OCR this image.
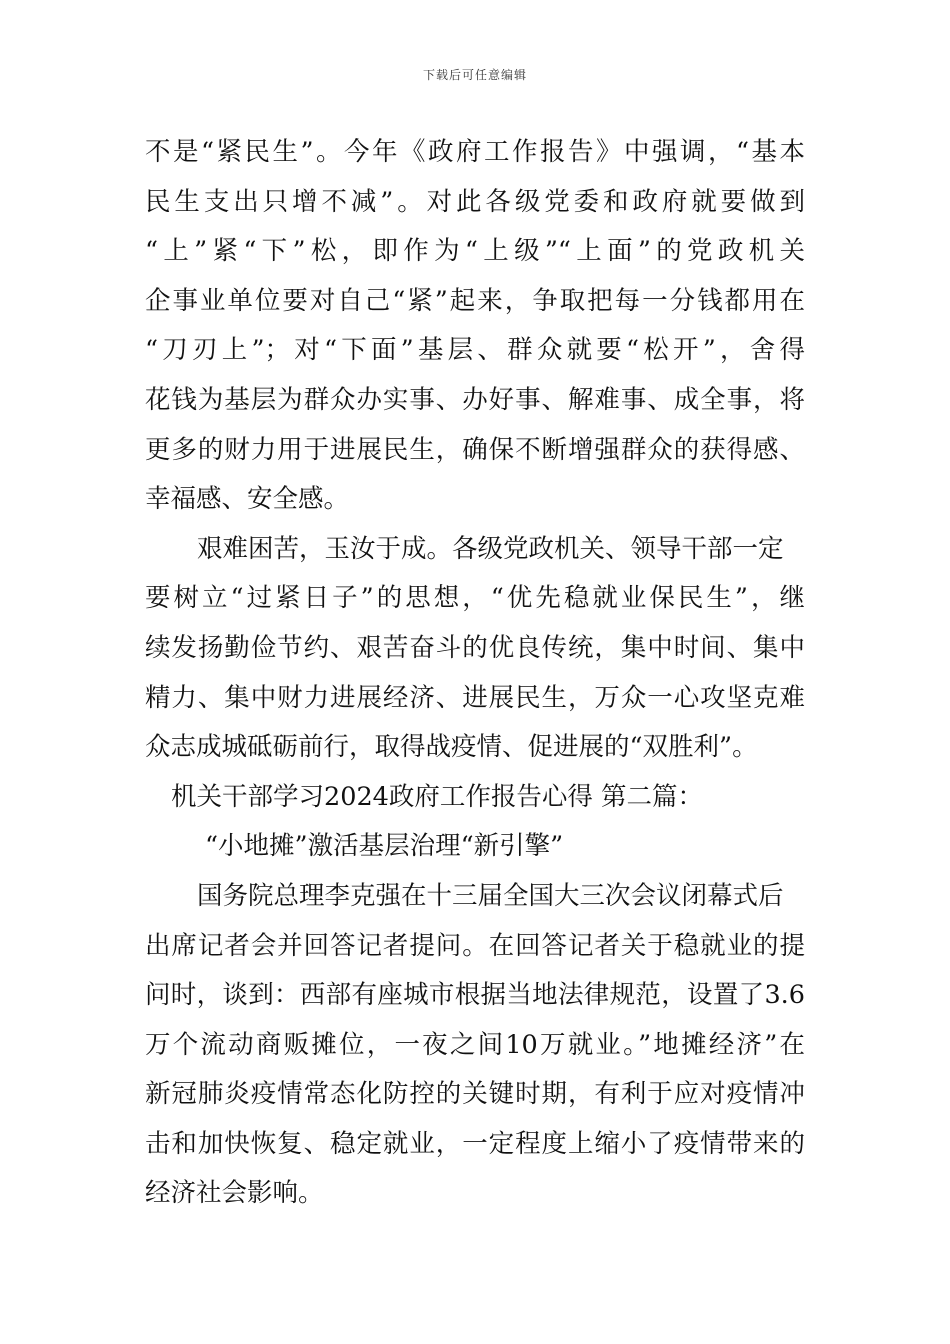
下载后可任意编辑
不是“紧民生”。今年《政府工作报告》中强调，“基本
民生支出只增不减”。对此各级党委和政府就要做到
“上”紧“下”松，即作为“上级”“上面”的党政机关
企事业单位要对自己“紧”起来，争取把每一分钱都用在
“刀刃上”；对“下面”基层、群众就要“松开”，舍得
花钱为基层为群众办实事、办好事、解难事、成全事，将
更多的财力用于进展民生，确保不断增强群众的获得感、
幸福感、安全感。
艰难困苦，玉汝于成。各级党政机关、领导干部一定
要树立“过紧日子”的思想，“优先稳就业保民生”，继
续发扬勤俭节约、艰苦奋斗的优良传统，集中时间、集中
精力、集中财力进展经济、进展民生，万众一心攻坚克难
众志成城砥砺前行，取得战疫情、促进展的“双胜利”。
机关干部学习2024政府工作报告心得 第二篇：
“小地摊”激活基层治理“新引擎”
国务院总理李克强在十三届全国大三次会议闭幕式后
出席记者会并回答记者提问。在回答记者关于稳就业的提
问时，谈到：西部有座城市根据当地法律规范，设置了3.6
万个流动商贩摊位，一夜之间10万就业。”地摊经济”在
新冠肺炎疫情常态化防控的关键时期，有利于应对疫情冲
击和加快恢复、稳定就业，一定程度上缩小了疫情带来的
经济社会影响。
